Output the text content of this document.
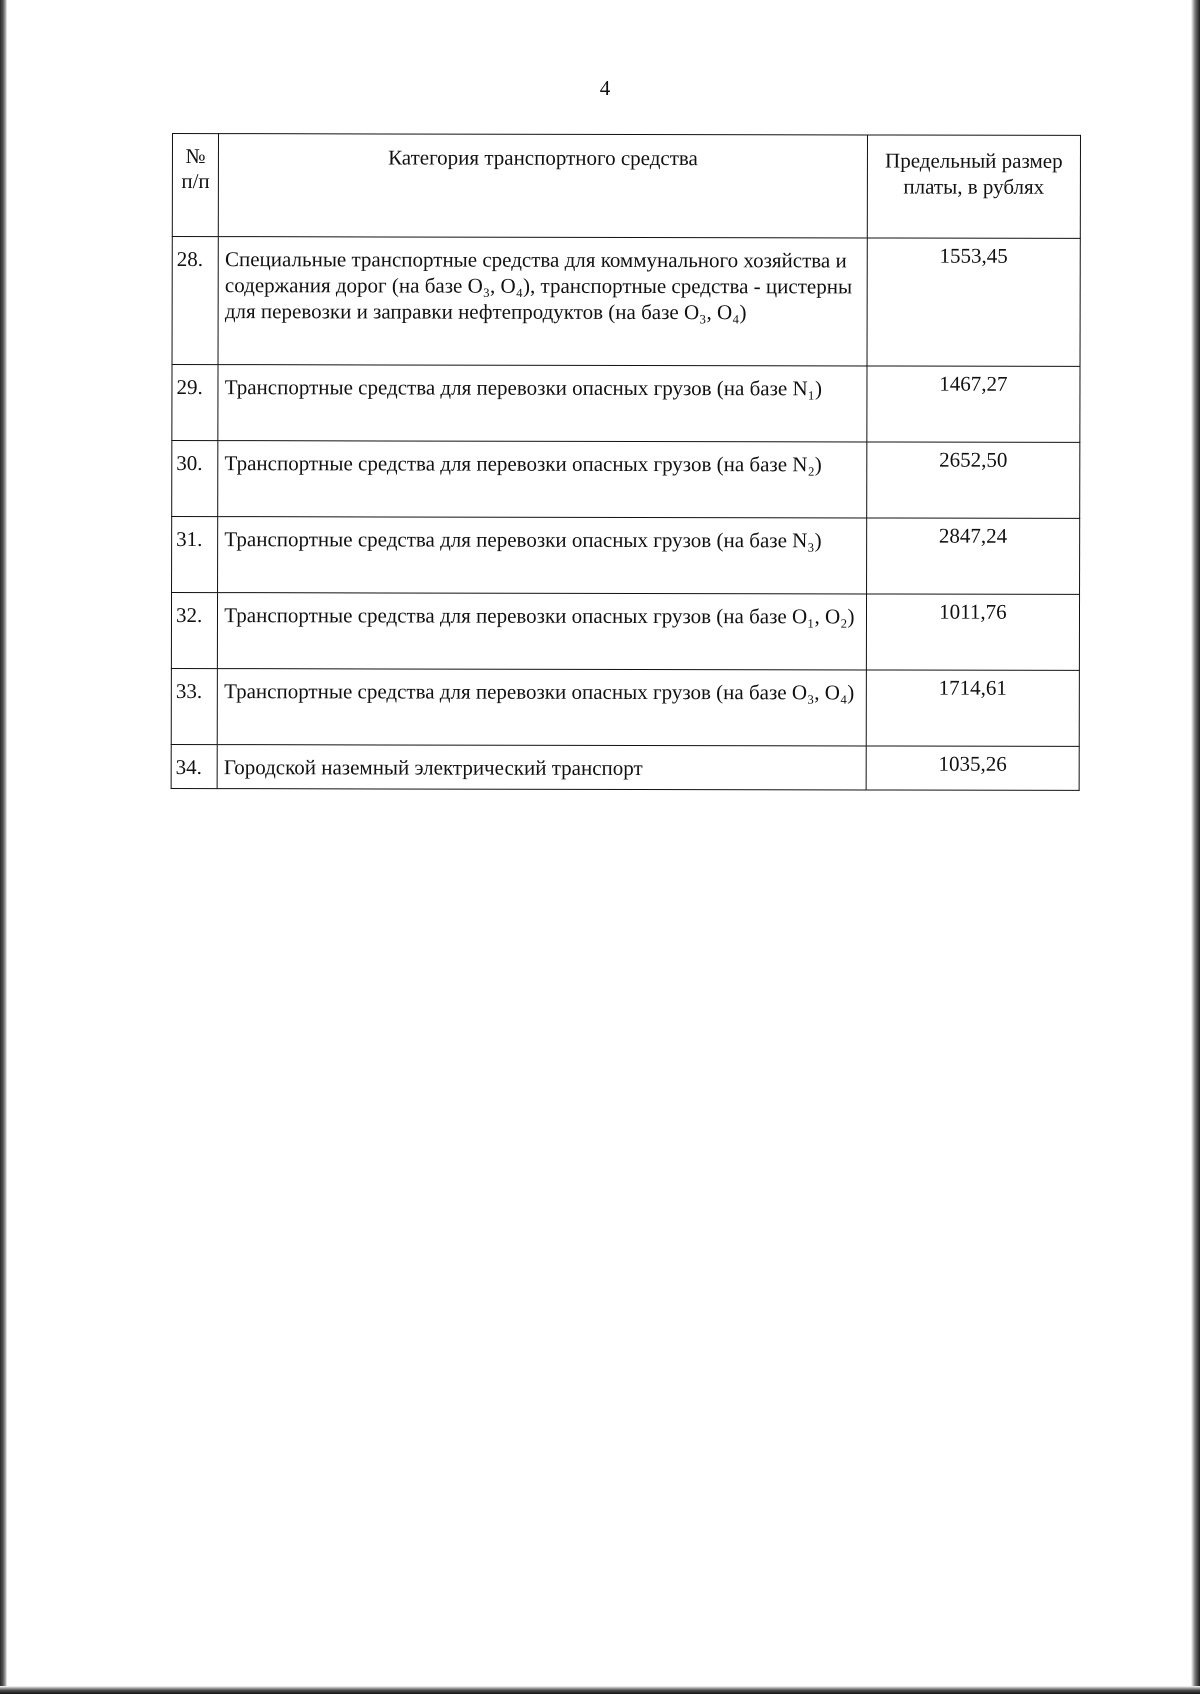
4
№ п/п	Категория транспортного средства	Предельный размер платы, в рублях
28.	Специальные транспортные средства для коммунального хозяйства и содержания дорог (на базе O₃, O₄), транспортные средства - цистерны для перевозки и заправки нефтепродуктов (на базе O₃, O₄)	1553,45
29.	Транспортные средства для перевозки опасных грузов (на базе N₁)	1467,27
30.	Транспортные средства для перевозки опасных грузов (на базе N₂)	2652,50
31.	Транспортные средства для перевозки опасных грузов (на базе N₃)	2847,24
32.	Транспортные средства для перевозки опасных грузов (на базе O₁, O₂)	1011,76
33.	Транспортные средства для перевозки опасных грузов (на базе O₃, O₄)	1714,61
34.	Городской наземный электрический транспорт	1035,26
